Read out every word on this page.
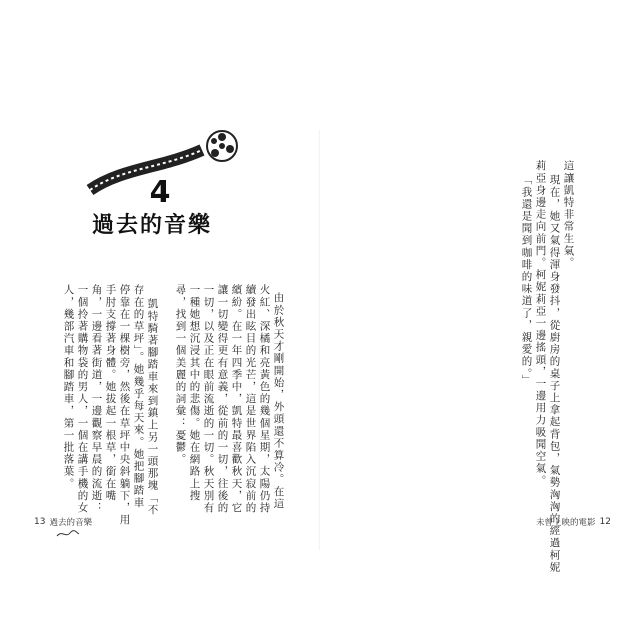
4
過去的音樂
由於秋天才剛開始，外頭還不算冷。在這
火紅、深橘和亮黃色的幾個星期，太陽仍持
續發出眩目的光芒，這是世界陷入沉寂前的
繽紛。在一年四季中，凱特最喜歡秋天，它
讓一切變得更有意義，從前的一切，往後的
一切，以及正在眼前流逝的一切。秋天別有
一種她想沉浸其中的悲傷。她在網路上搜
尋，找到一個美麗的詞彙：憂鬱。
凱特騎著腳踏車來到鎮上另一頭那塊「不
存在的草坪」。她幾乎每天來。她把腳踏車
停靠在一棵樹旁，然後在草坪中央斜躺下，用
手肘支撐著身體。她拔起一根草，銜在嘴
角，一邊看著街道，一邊觀察早晨的流逝：
一個拎著購物袋的男人，一個在講手機的女
人，幾部汽車和腳踏車，第一批落葉。
13 過去的音樂
這讓凱特非常生氣。
現在，她又氣得渾身發抖，從廚房的桌子上拿起背包，氣勢洶洶的經過柯妮
莉亞身邊走向前門。柯妮莉亞一邊搖頭，一邊用力吸聞空氣。
「我還是聞到咖啡的味道了，親愛的。」
未曾上映的電影 12
